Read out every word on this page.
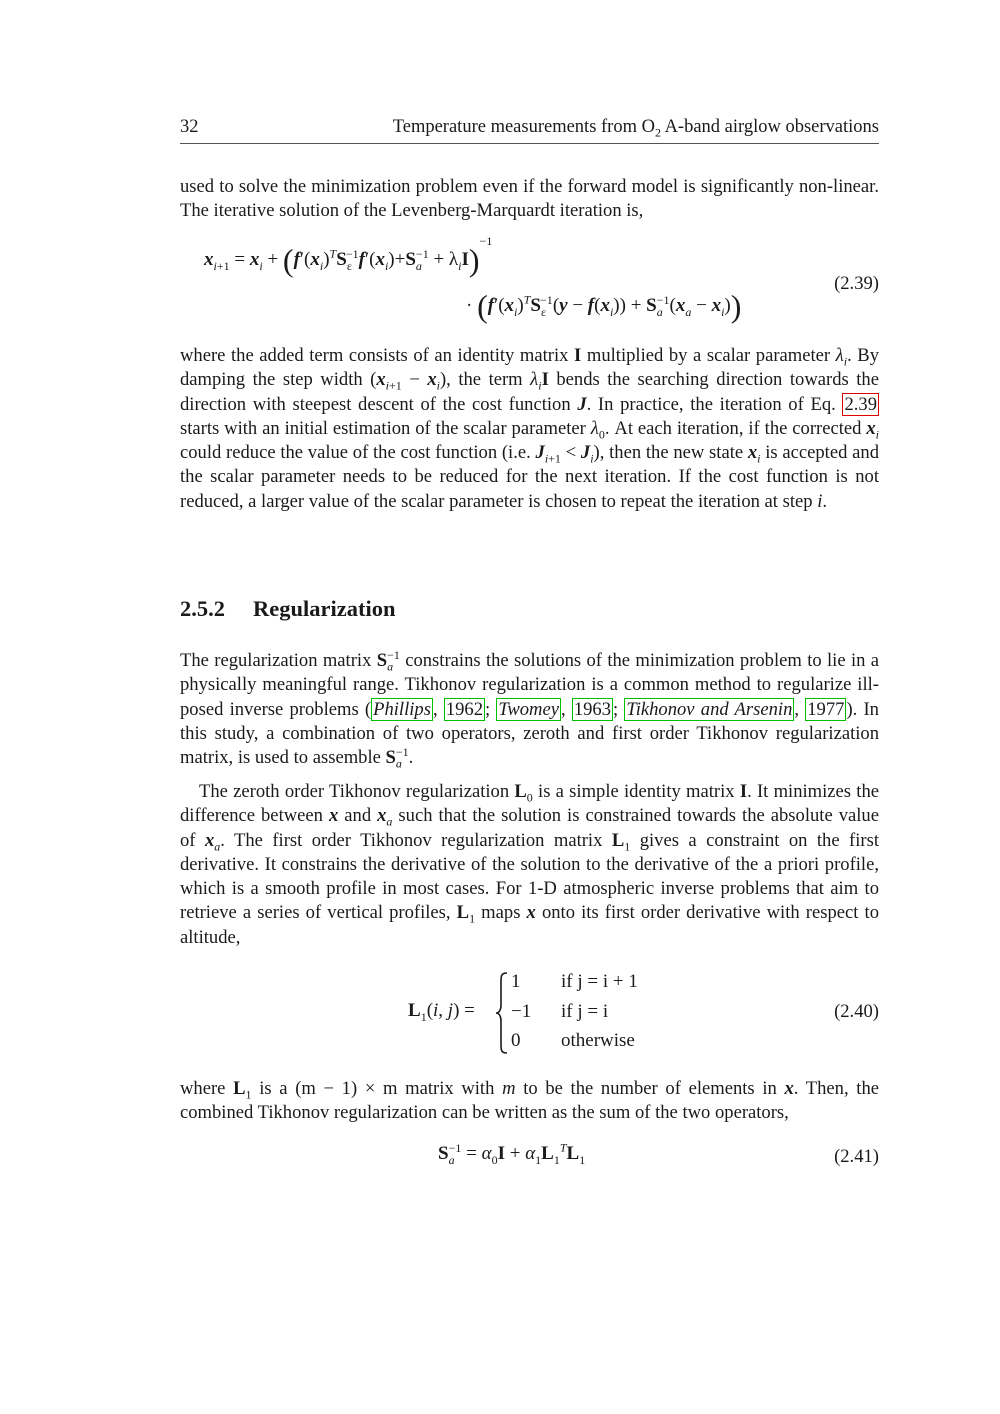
32	Temperature measurements from $O_2$ A-band airglow observations

used to solve the minimization problem even if the forward model is significantly non-linear. The iterative solution of the Levenberg-Marquardt iteration is,

$x_{i+1} = x_i + (f'(x_i)^TS_\varepsilon^{-1}f'(x_i)+S_a^{-1} + \lambda_iI)^{-1}$
· $(f'(x_i)^TS_\varepsilon^{-1}(y - f(x_i)) + S_a^{-1}(x_a - x_i))$
(2.39)

where the added term consists of an identity matrix I multiplied by a scalar parameter $\lambda_i$. By damping the step width $(x_{i+1} - x_i)$, the term $\lambda_iI$ bends the searching direction towards the direction with steepest descent of the cost function J. In practice, the iteration of Eq. 2.39 starts with an initial estimation of the scalar parameter $\lambda_0$. At each iteration, if the corrected $x_i$ could reduce the value of the cost function (i.e. $J_{i+1} < J_i$), then the new state $x_i$ is accepted and the scalar parameter needs to be reduced for the next iteration. If the cost function is not reduced, a larger value of the scalar parameter is chosen to repeat the iteration at step i.

2.5.2 Regularization

The regularization matrix $S_a^{-1}$ constrains the solutions of the minimization problem to lie in a physically meaningful range. Tikhonov regularization is a common method to regularize ill-posed inverse problems ( Phillips , 1962 ; Twomey , 1963 ; Tikhonov and Arsenin , 1977 ). In this study, a combination of two operators, zeroth and first order Tikhonov regularization matrix, is used to assemble $S_a^{-1}$.

The zeroth order Tikhonov regularization $L_0$ is a simple identity matrix I. It minimizes the difference between x and $x_a$ such that the solution is constrained towards the absolute value of $x_a$. The first order Tikhonov regularization matrix $L_1$ gives a constraint on the first derivative. It constrains the derivative of the solution to the derivative of the a priori profile, which is a smooth profile in most cases. For 1-D atmospheric inverse problems that aim to retrieve a series of vertical profiles, $L_1$ maps x onto its first order derivative with respect to altitude,

$L_1(i$, j) =
1 if j = i + 1
−1 if j = i
0 otherwise
(2.40)

where $L_1$ is a (m − 1) × m matrix with m to be the number of elements in x. Then, the combined Tikhonov regularization can be written as the sum of the two operators,

$S_a^{-1} = \alpha_0I + \alpha_1L_1^TL_1$	(2.41)
